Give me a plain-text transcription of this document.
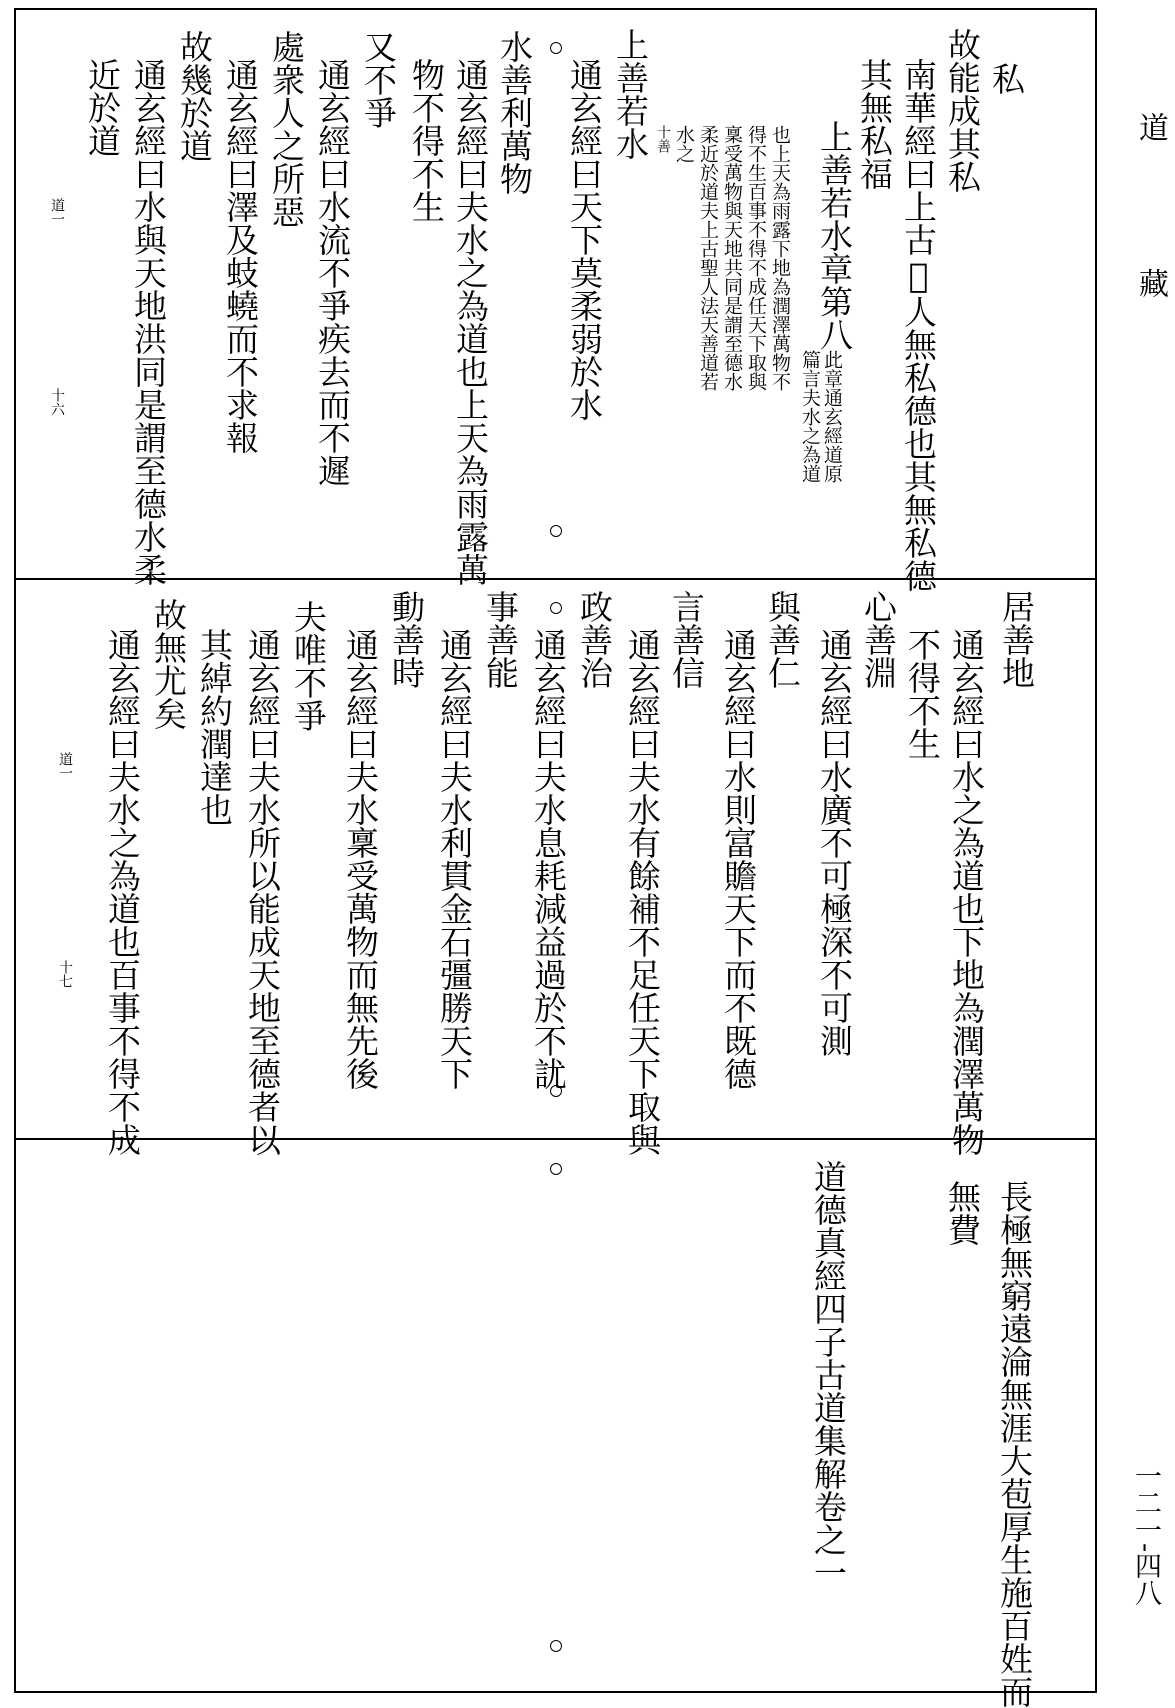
道
藏
一二一-四八
私
故能成其私
南華經曰上古𥪡人無私德也其無私德
其無私福
上善若水章第八
此章通玄經道原
篇言夫水之為道
也上天為雨露下地為潤澤萬物不
得不生百事不得不成任天下取與
稟受萬物與天地共同是謂至德水
柔近於道夫上古聖人法天善道若
水之
十善
上善若水
通玄經曰天下莫柔弱於水
水善利萬物
通玄經曰夫水之為道也上天為雨露萬
物不得不生
又不爭
通玄經曰水流不爭疾去而不遲
處衆人之所惡
通玄經曰澤及蚑蟯而不求報
故幾於道
通玄經曰水與天地洪同是謂至德水柔
近於道
道一
十六
居善地
通玄經曰水之為道也下地為潤澤萬物
不得不生
心善淵
通玄經曰水廣不可極深不可測
與善仁
通玄經曰水則富贍天下而不既德
言善信
通玄經曰夫水有餘補不足任天下取與
政善治
通玄經曰夫水息耗減益過於不訧
事善能
通玄經曰夫水利貫金石彊勝天下
動善時
通玄經曰夫水稟受萬物而無先後
夫唯不爭
通玄經曰夫水所以能成天地至德者以
其綽約潤達也
故無尤矣
通玄經曰夫水之為道也百事不得不成
道一
十七
長極無窮遠淪無涯大苞厚生施百姓而
無費
道德真經四子古道集解卷之一
